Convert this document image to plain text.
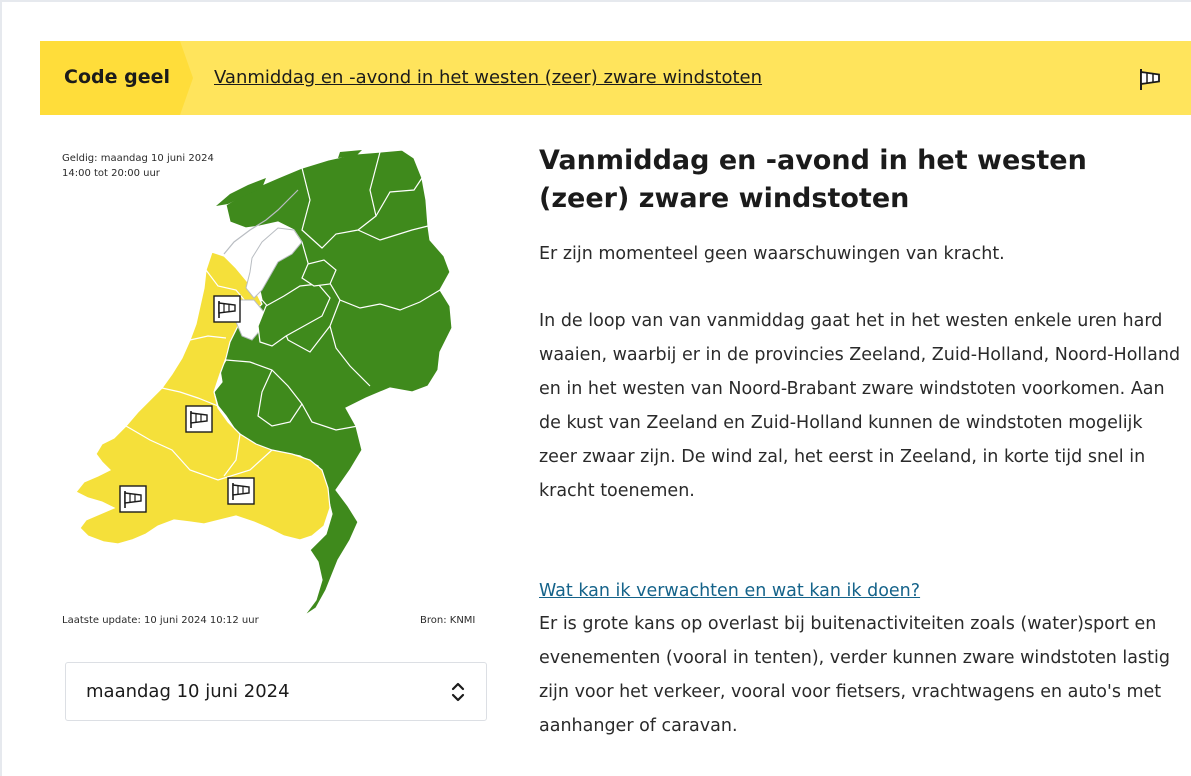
Code geel Vanmiddag en -avond in het westen (zeer) zware windstoten
Geldig: maandag 10 juni 2024
14:00 tot 20:00 uur
Laatste update: 10 juni 2024 10:12 uur	Bron: KNMI
maandag 10 juni 2024
Vanmiddag en -avond in het westen (zeer) zware windstoten

Er zijn momenteel geen waarschuwingen van kracht.

In de loop van van vanmiddag gaat het in het westen enkele uren hard waaien, waarbij er in de provincies Zeeland, Zuid-Holland, Noord-Holland en in het westen van Noord-Brabant zware windstoten voorkomen. Aan de kust van Zeeland en Zuid-Holland kunnen de windstoten mogelijk zeer zwaar zijn. De wind zal, het eerst in Zeeland, in korte tijd snel in kracht toenemen.

Wat kan ik verwachten en wat kan ik doen?

Er is grote kans op overlast bij buitenactiviteiten zoals (water)sport en evenementen (vooral in tenten), verder kunnen zware windstoten lastig zijn voor het verkeer, vooral voor fietsers, vrachtwagens en auto's met aanhanger of caravan.
